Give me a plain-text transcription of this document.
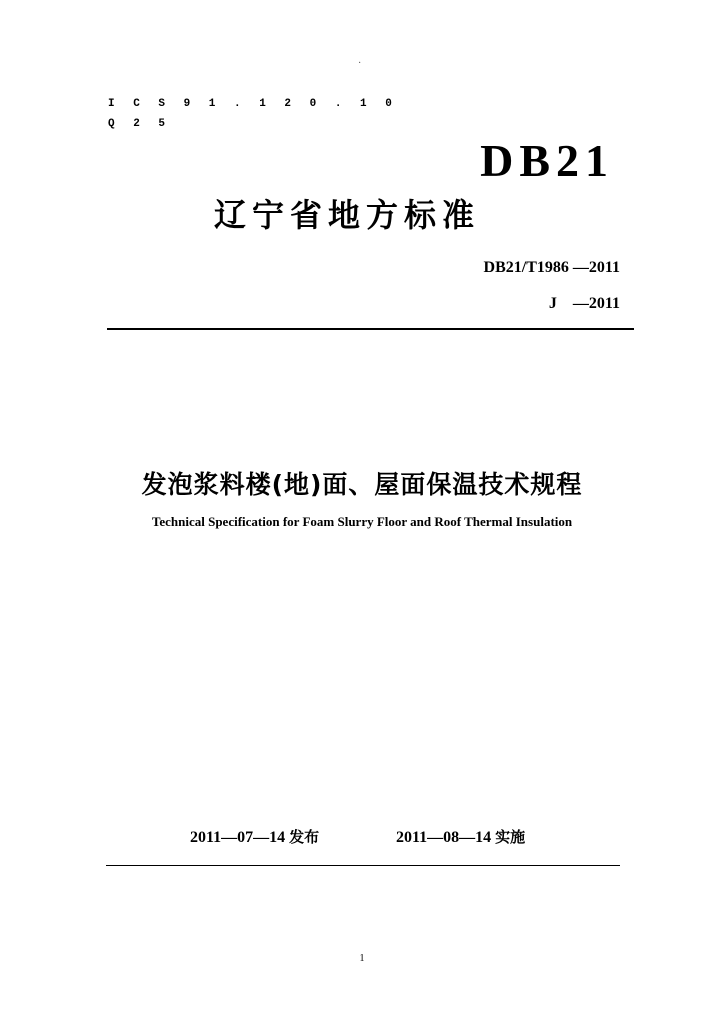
·
I C S 9 1 . 1 2 0 . 1 0
Q 2 5
DB21
辽宁省地方标准
DB21/T1986 —2011
J    —2011
发泡浆料楼(地)面、屋面保温技术规程
Technical Specification for Foam Slurry Floor and Roof Thermal Insulation
2011—07—14 发布	2011—08—14 实施
1
